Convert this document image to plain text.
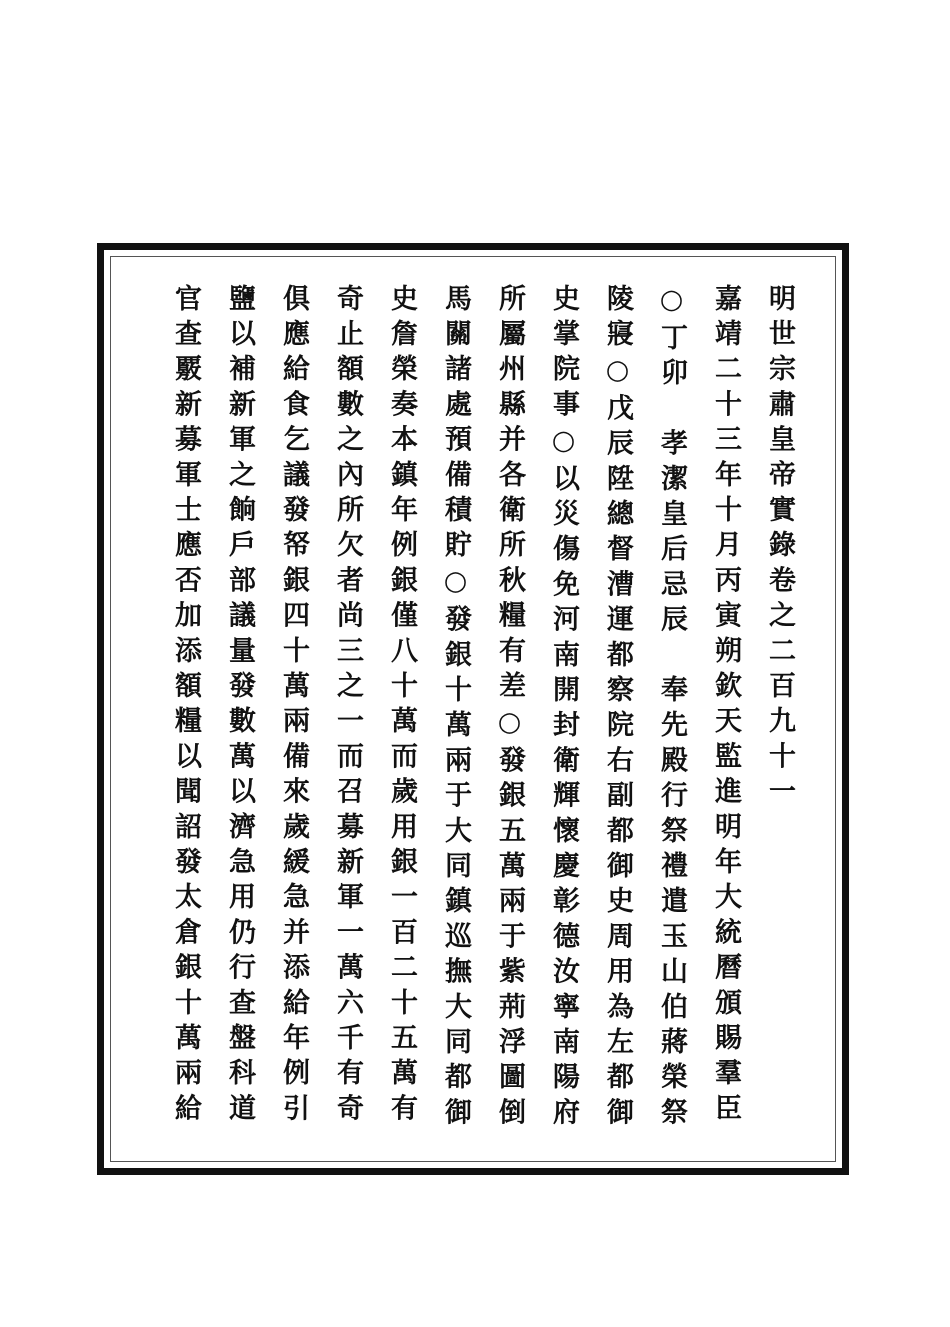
明世宗肅皇帝實錄卷之二百九十一
嘉靖二十三年十月丙寅朔欽天監進明年大統曆頒賜羣臣
○丁卯　孝潔皇后忌辰　奉先殿行祭禮遣玉山伯蔣榮祭
陵寢○戊辰陞總督漕運都察院右副都御史周用為左都御
史掌院事○以災傷免河南開封衛輝懷慶彰德汝寧南陽府
所屬州縣并各衛所秋糧有差○發銀五萬兩于紫荊浮圖倒
馬關諸處預備積貯○發銀十萬兩于大同鎮巡撫大同都御
史詹榮奏本鎮年例銀僅八十萬而歲用銀一百二十五萬有
奇止額數之內所欠者尚三之一而召募新軍一萬六千有奇
俱應給食乞議發帑銀四十萬兩備來歲緩急并添給年例引
鹽以補新軍之餉戶部議量發數萬以濟急用仍行查盤科道
官查覈新募軍士應否加添額糧以聞詔發太倉銀十萬兩給
